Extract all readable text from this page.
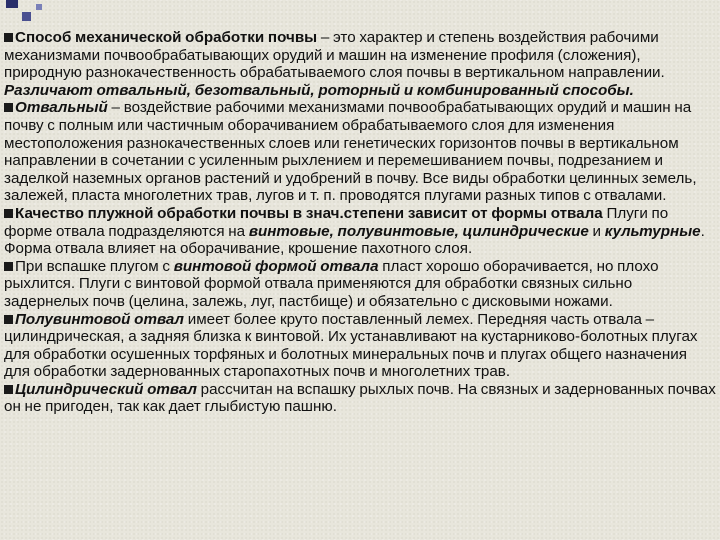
Способ механической обработки почвы – это характер и степень воздействия рабочими механизмами почвообрабатывающих орудий и машин на изменение профиля (сложения), природную разнокачественность обрабатываемого слоя почвы в вертикальном направлении. Различают отвальный, безотвальный, роторный и комбинированный способы.

Отвальный – воздействие рабочими механизмами почвообрабатывающих орудий и машин на почву с полным или частичным оборачиванием обрабатываемого слоя для изменения местоположения разнокачественных слоев или генетических горизонтов почвы в вертикальном направлении в сочетании с усиленным рыхлением и перемешиванием почвы, подрезанием и заделкой наземных органов растений и удобрений в почву. Все виды обработки целинных земель, залежей, пласта многолетних трав, лугов и т. п. проводятся плугами разных типов с отвалами.

Качество плужной обработки почвы в знач.степени зависит от формы отвала Плуги по форме отвала подразделяются на винтовые, полувинтовые, цилиндрические и культурные. Форма отвала влияет на оборачивание, крошение пахотного слоя.

При вспашке плугом с винтовой формой отвала пласт хорошо оборачивается, но плохо рыхлится. Плуги с винтовой формой отвала применяются для обработки связных сильно задернелых почв (целина, залежь, луг, пастбище) и обязательно с дисковыми ножами.

Полувинтовой отвал имеет более круто поставленный лемех. Передняя часть отвала – цилиндрическая, а задняя близка к винтовой. Их устанавливают на кустарниково-болотных плугах для обработки осушенных торфяных и болотных минеральных почв и плугах общего назначения для обработки задернованных старопахотных почв и многолетних трав.

Цилиндрический отвал рассчитан на вспашку рыхлых почв. На связных и задернованных почвах он не пригоден, так как дает глыбистую пашню.
